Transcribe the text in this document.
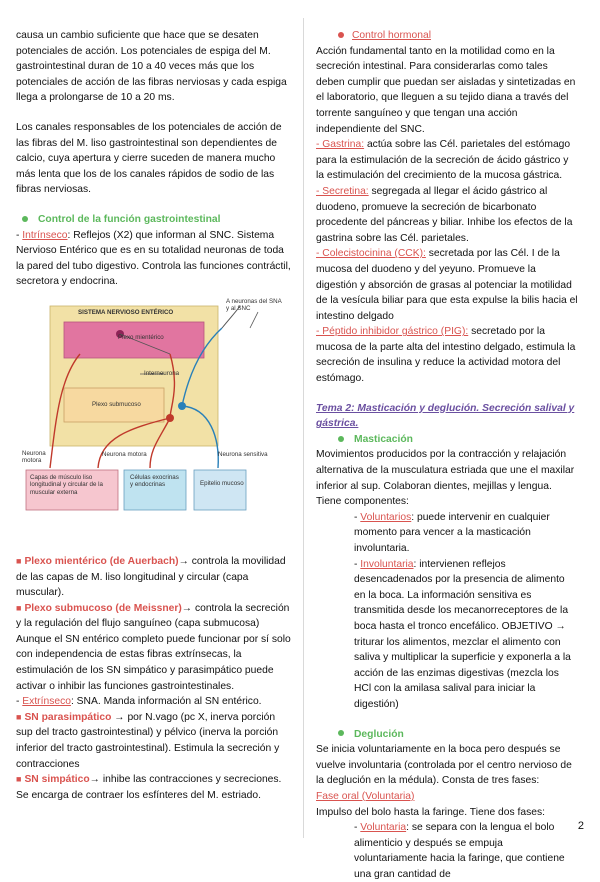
causa un cambio suficiente que hace que se desaten potenciales de acción. Los potenciales de espiga del M. gastrointestinal duran de 10 a 40 veces más que los potenciales de acción de las fibras nerviosas y cada espiga llega a prolongarse de 10 a 20 ms.

Los canales responsables de los potenciales de acción de las fibras del M. liso gastrointestinal son dependientes de calcio, cuya apertura y cierre suceden de manera mucho más lenta que los de los canales rápidos de sodio de las fibras nerviosas.

Control de la función gastrointestinal

- Intrínseco: Reflejos (X2) que informan al SNC. Sistema Nervioso Entérico que es en su totalidad neuronas de toda la pared del tubo digestivo. Controla las funciones contráctil, secretora y endocrina.

SISTEMA NERVIOSO ENTÉRICO
A neuronas del SNA y al SNC
Plexo mientérico
Interneurona
Plexo submucoso
Neurona motora
Neurona motora	Neurona sensitiva
Capas de músculo liso longitudinal y circular de la muscular externa
Células exocrinas y endocrinas	Epitelio mucoso

■ Plexo mientérico (de Auerbach)→ controla la movilidad de las capas de M. liso longitudinal y circular (capa muscular).

■ Plexo submucoso (de Meissner)→ controla la secreción y la regulación del flujo sanguíneo (capa submucosa) Aunque el SN entérico completo puede funcionar por sí solo con independencia de estas fibras extrínsecas, la estimulación de los SN simpático y parasimpático puede activar o inhibir las funciones gastrointestinales.

- Extrínseco: SNA. Manda información al SN entérico.

■ SN parasimpático → por N.vago (pc X, inerva porción sup del tracto gastrointestinal) y pélvico (inerva la porción inferior del tracto gastrointestinal). Estimula la secreción y contracciones

■ SN simpático→ inhibe las contracciones y secreciones. Se encarga de contraer los esfínteres del M. estriado.

Control hormonal

Acción fundamental tanto en la motilidad como en la secreción intestinal. Para considerarlas como tales deben cumplir que puedan ser aisladas y sintetizadas en el laboratorio, que lleguen a su tejido diana a través del torrente sanguíneo y que tengan una acción independiente del SNC.

- Gastrina: actúa sobre las Cél. parietales del estómago para la estimulación de la secreción de ácido gástrico y la estimulación del crecimiento de la mucosa gástrica.

- Secretina: segregada al llegar el ácido gástrico al duodeno, promueve la secreción de bicarbonato procedente del páncreas y biliar. Inhibe los efectos de la gastrina sobre las Cél. parietales.

- Colecistocinina (CCK): secretada por las Cél. I de la mucosa del duodeno y del yeyuno. Promueve la digestión y absorción de grasas al potenciar la motilidad de la vesícula biliar para que esta expulse la bilis hacia el intestino delgado

- Péptido inhibidor gástrico (PIG): secretado por la mucosa de la parte alta del intestino delgado, estimula la secreción de insulina y reduce la actividad motora del estómago.

Tema 2: Masticación y deglución. Secreción salival y gástrica.

Masticación

Movimientos producidos por la contracción y relajación alternativa de la musculatura estriada que une el maxilar inferior al sup. Colaboran dientes, mejillas y lengua. Tiene componentes:

- Voluntarios: puede intervenir en cualquier momento para vencer a la masticación involuntaria.

- Involuntaria: intervienen reflejos desencadenados por la presencia de alimento en la boca. La información sensitiva es transmitida desde los mecanorreceptores de la boca hasta el tronco encefálico. OBJETIVO → triturar los alimentos, mezclar el alimento con saliva y multiplicar la superficie y exponerla a la acción de las enzimas digestivas (mezcla los HCl con la amilasa salival para iniciar la digestión)

Deglución

Se inicia voluntariamente en la boca pero después se vuelve involuntaria (controlada por el centro nervioso de la deglución en la médula). Consta de tres fases:

Fase oral (Voluntaria)

Impulso del bolo hasta la faringe. Tiene dos fases:

- Voluntaria: se separa con la lengua el bolo alimenticio y después se empuja voluntariamente hacia la faringe, que contiene una gran cantidad de

2
